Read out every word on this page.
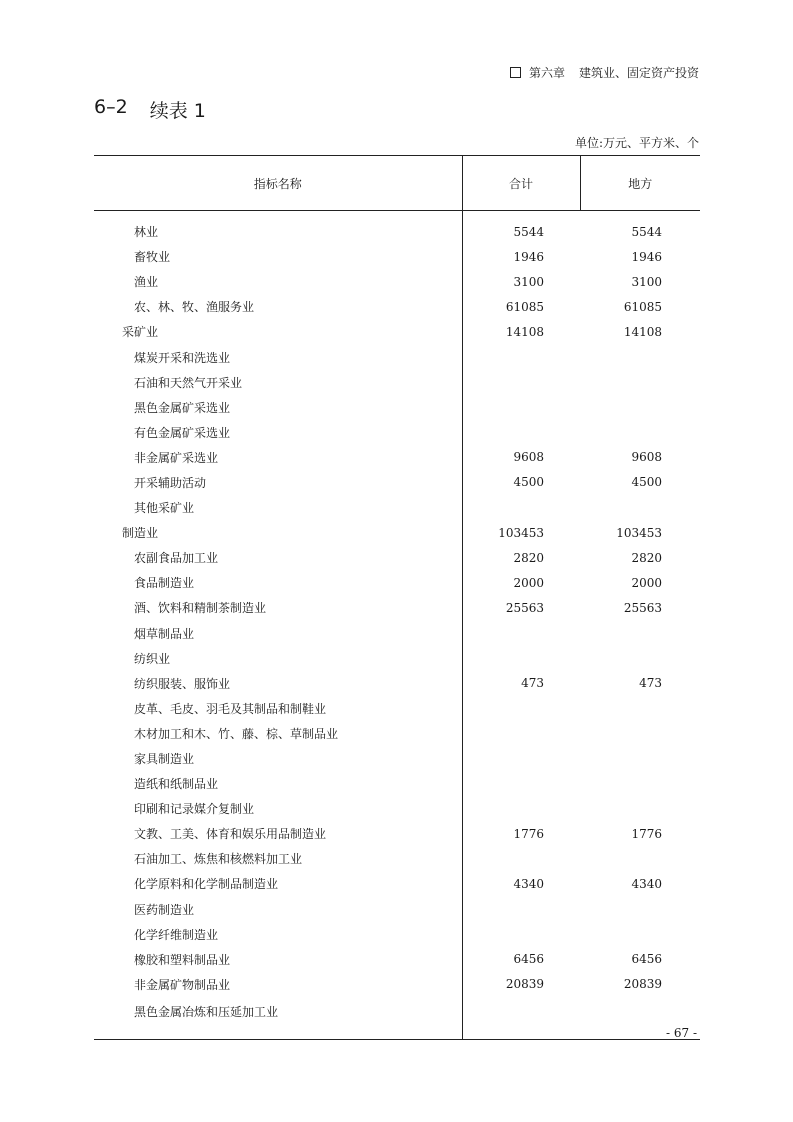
第六章 建筑业、固定资产投资
6–2 续表 1
单位:万元、平方米、个
指标名称	合计	地方
林业	5544	5544
畜牧业	1946	1946
渔业	3100	3100
农、林、牧、渔服务业	61085	61085
采矿业	14108	14108
煤炭开采和洗选业		
石油和天然气开采业		
黑色金属矿采选业		
有色金属矿采选业		
非金属矿采选业	9608	9608
开采辅助活动	4500	4500
其他采矿业		
制造业	103453	103453
农副食品加工业	2820	2820
食品制造业	2000	2000
酒、饮料和精制茶制造业	25563	25563
烟草制品业		
纺织业		
纺织服装、服饰业	473	473
皮革、毛皮、羽毛及其制品和制鞋业		
木材加工和木、竹、藤、棕、草制品业		
家具制造业		
造纸和纸制品业		
印刷和记录媒介复制业		
文教、工美、体育和娱乐用品制造业	1776	1776
石油加工、炼焦和核燃料加工业		
化学原料和化学制品制造业	4340	4340
医药制造业		
化学纤维制造业		
橡胶和塑料制品业	6456	6456
非金属矿物制品业	20839	20839
黑色金属冶炼和压延加工业		
- 67 -
